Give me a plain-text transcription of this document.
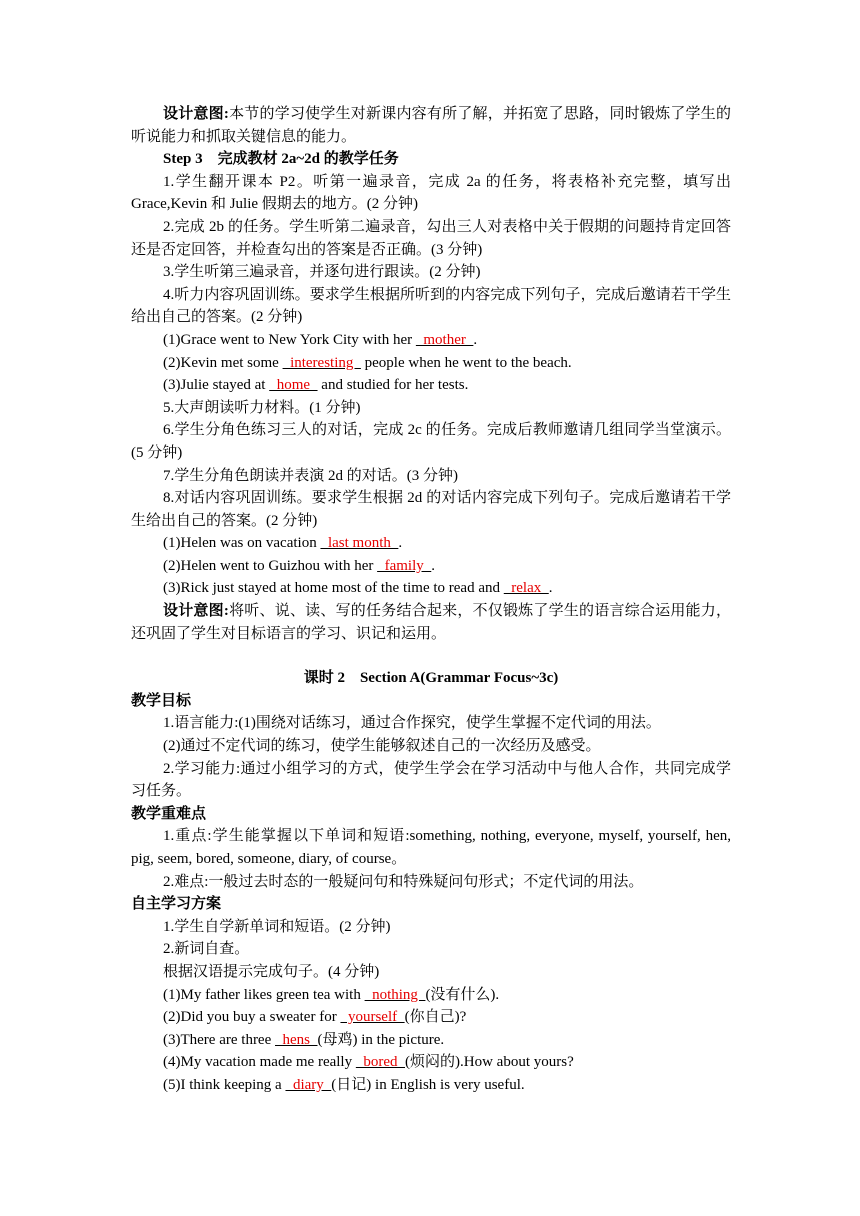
设计意图:本节的学习使学生对新课内容有所了解，并拓宽了思路，同时锻炼了学生的听说能力和抓取关键信息的能力。

Step 3　完成教材 2a~2d 的教学任务

1.学生翻开课本 P2。听第一遍录音，完成 2a 的任务，将表格补充完整，填写出 Grace,Kevin 和 Julie 假期去的地方。(2 分钟)

2.完成 2b 的任务。学生听第二遍录音，勾出三人对表格中关于假期的问题持肯定回答还是否定回答，并检查勾出的答案是否正确。(3 分钟)

3.学生听第三遍录音，并逐句进行跟读。(2 分钟)

4.听力内容巩固训练。要求学生根据所听到的内容完成下列句子，完成后邀请若干学生给出自己的答案。(2 分钟)

(1)Grace went to New York City with her   mother  .

(2)Kevin met some   interesting   people when he went to the beach.

(3)Julie stayed at   home   and studied for her tests.

5.大声朗读听力材料。(1 分钟)

6.学生分角色练习三人的对话，完成 2c 的任务。完成后教师邀请几组同学当堂演示。(5 分钟)

7.学生分角色朗读并表演 2d 的对话。(3 分钟)

8.对话内容巩固训练。要求学生根据 2d 的对话内容完成下列句子。完成后邀请若干学生给出自己的答案。(2 分钟)

(1)Helen was on vacation   last month  .

(2)Helen went to Guizhou with her   family  .

(3)Rick just stayed at home most of the time to read and   relax  .

设计意图:将听、说、读、写的任务结合起来，不仅锻炼了学生的语言综合运用能力，还巩固了学生对目标语言的学习、识记和运用。

课时 2　Section A(Grammar Focus~3c)

教学目标

1.语言能力:(1)围绕对话练习，通过合作探究，使学生掌握不定代词的用法。

(2)通过不定代词的练习，使学生能够叙述自己的一次经历及感受。

2.学习能力:通过小组学习的方式，使学生学会在学习活动中与他人合作，共同完成学习任务。

教学重难点

1.重点:学生能掌握以下单词和短语:something, nothing, everyone, myself, yourself, hen, pig, seem, bored, someone, diary, of course。

2.难点:一般过去时态的一般疑问句和特殊疑问句形式；不定代词的用法。

自主学习方案

1.学生自学新单词和短语。(2 分钟)

2.新词自查。

根据汉语提示完成句子。(4 分钟)

(1)My father likes green tea with   nothing  (没有什么).

(2)Did you buy a sweater for   yourself  (你自己)?

(3)There are three   hens  (母鸡) in the picture.

(4)My vacation made me really   bored  (烦闷的).How about yours?

(5)I think keeping a   diary  (日记) in English is very useful.
